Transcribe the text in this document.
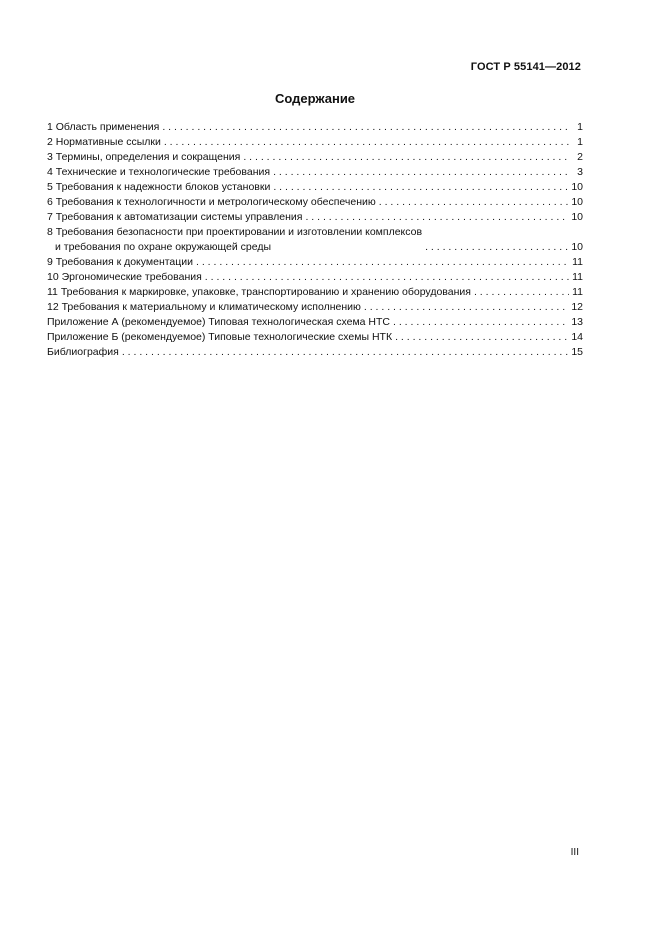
ГОСТ Р 55141—2012
Содержание
1 Область применения . . .	1
2 Нормативные ссылки . . .	1
3 Термины, определения и сокращения . . .	2
4 Технические и технологические требования . . .	3
5 Требования к надежности блоков установки . . .	10
6 Требования к технологичности и метрологическому обеспечению . . .	10
7 Требования к автоматизации системы управления . . .	10
8 Требования безопасности при проектировании и изготовлении комплексов
и требования по охране окружающей среды . . .	10
9 Требования к документации . . .	11
10 Эргономические требования . . .	11
11 Требования к маркировке, упаковке, транспортированию и хранению оборудования . . .	11
12 Требования к материальному и климатическому исполнению . . .	12
Приложение А (рекомендуемое) Типовая технологическая схема НТС . . .	13
Приложение Б (рекомендуемое) Типовые технологические схемы НТК . . .	14
Библиография . . .	15
III
